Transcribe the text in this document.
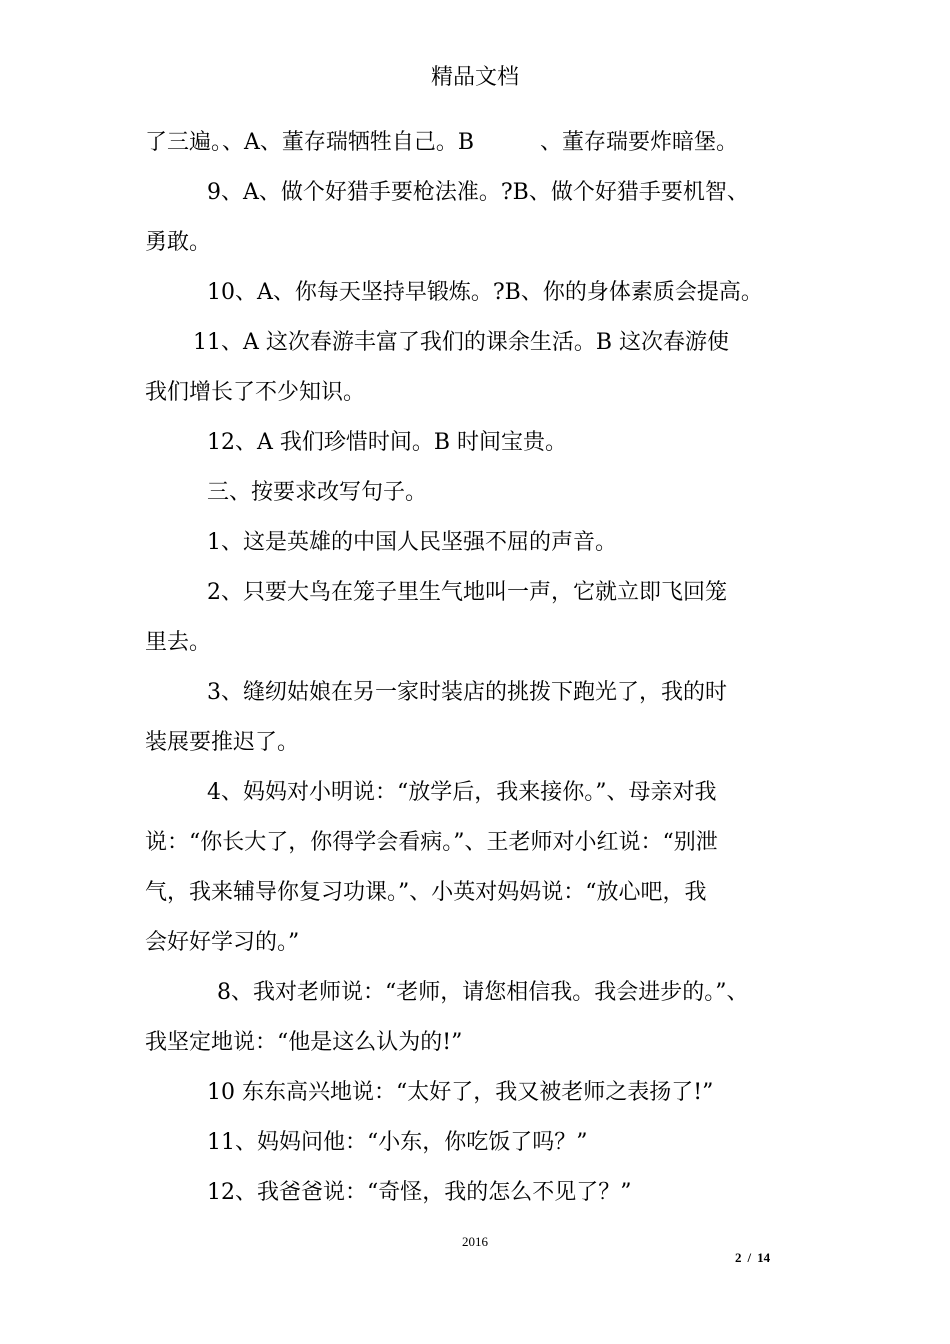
精品文档

了三遍。、A、董存瑞牺牲自己。B　　　、董存瑞要炸暗堡。

9、A、做个好猎手要枪法准。?B、做个好猎手要机智、

勇敢。

10、A、你每天坚持早锻炼。?B、你的身体素质会提高。

11、A 这次春游丰富了我们的课余生活。B 这次春游使

我们增长了不少知识。

12、A 我们珍惜时间。B 时间宝贵。

三、按要求改写句子。

1、这是英雄的中国人民坚强不屈的声音。

2、只要大鸟在笼子里生气地叫一声，它就立即飞回笼

里去。

3、缝纫姑娘在另一家时装店的挑拨下跑光了，我的时

装展要推迟了。

4、妈妈对小明说：“放学后，我来接你。”、母亲对我

说：“你长大了，你得学会看病。”、王老师对小红说：“别泄

气，我来辅导你复习功课。”、小英对妈妈说：“放心吧，我

会好好学习的。”

8、我对老师说：“老师，请您相信我。我会进步的。”、

我坚定地说：“他是这么认为的!”

10 东东高兴地说：“太好了，我又被老师之表扬了!”

11、妈妈问他：“小东，你吃饭了吗？”

12、我爸爸说：“奇怪，我的怎么不见了？”

2016
2 / 14
